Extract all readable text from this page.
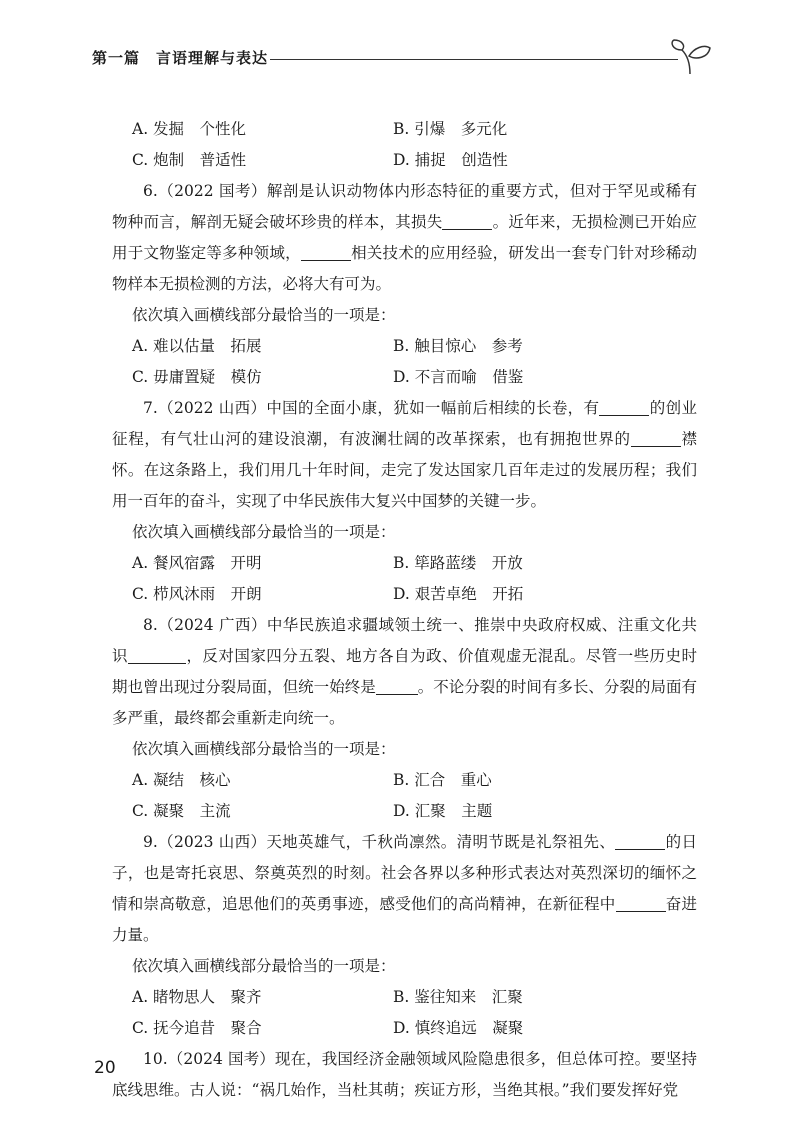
第一篇　言语理解与表达
A. 发掘　个性化	B. 引爆　多元化
C. 炮制　普适性	D. 捕捉　创造性

6.（2022 国考）解剖是认识动物体内形态特征的重要方式，但对于罕见或稀有物种而言，解剖无疑会破坏珍贵的样本，其损失	。近年来，无损检测已开始应用于文物鉴定等多种领域，	相关技术的应用经验，研发出一套专门针对珍稀动物样本无损检测的方法，必将大有可为。

依次填入画横线部分最恰当的一项是：

A. 难以估量　拓展	B. 触目惊心　参考
C. 毋庸置疑　模仿	D. 不言而喻　借鉴

7.（2022 山西）中国的全面小康，犹如一幅前后相续的长卷，有	的创业征程，有气壮山河的建设浪潮，有波澜壮阔的改革探索，也有拥抱世界的	襟怀。在这条路上，我们用几十年时间，走完了发达国家几百年走过的发展历程；我们用一百年的奋斗，实现了中华民族伟大复兴中国梦的关键一步。

依次填入画横线部分最恰当的一项是：

A. 餐风宿露　开明	B. 筚路蓝缕　开放
C. 栉风沐雨　开朗	D. 艰苦卓绝　开拓

8.（2024 广西）中华民族追求疆域领土统一、推崇中央政府权威、注重文化共识	，反对国家四分五裂、地方各自为政、价值观虚无混乱。尽管一些历史时期也曾出现过分裂局面，但统一始终是	。不论分裂的时间有多长、分裂的局面有多严重，最终都会重新走向统一。

依次填入画横线部分最恰当的一项是：

A. 凝结　核心	B. 汇合　重心
C. 凝聚　主流	D. 汇聚　主题

9.（2023 山西）天地英雄气，千秋尚凛然。清明节既是礼祭祖先、	的日子，也是寄托哀思、祭奠英烈的时刻。社会各界以多种形式表达对英烈深切的缅怀之情和崇高敬意，追思他们的英勇事迹，感受他们的高尚精神，在新征程中	奋进力量。

依次填入画横线部分最恰当的一项是：

A. 睹物思人　聚齐	B. 鉴往知来　汇聚
C. 抚今追昔　聚合	D. 慎终追远　凝聚

10.（2024 国考）现在，我国经济金融领域风险隐患很多，但总体可控。要坚持底线思维。古人说：“祸几始作，当杜其萌；疾证方形，当绝其根。”我们要发挥好党

20
